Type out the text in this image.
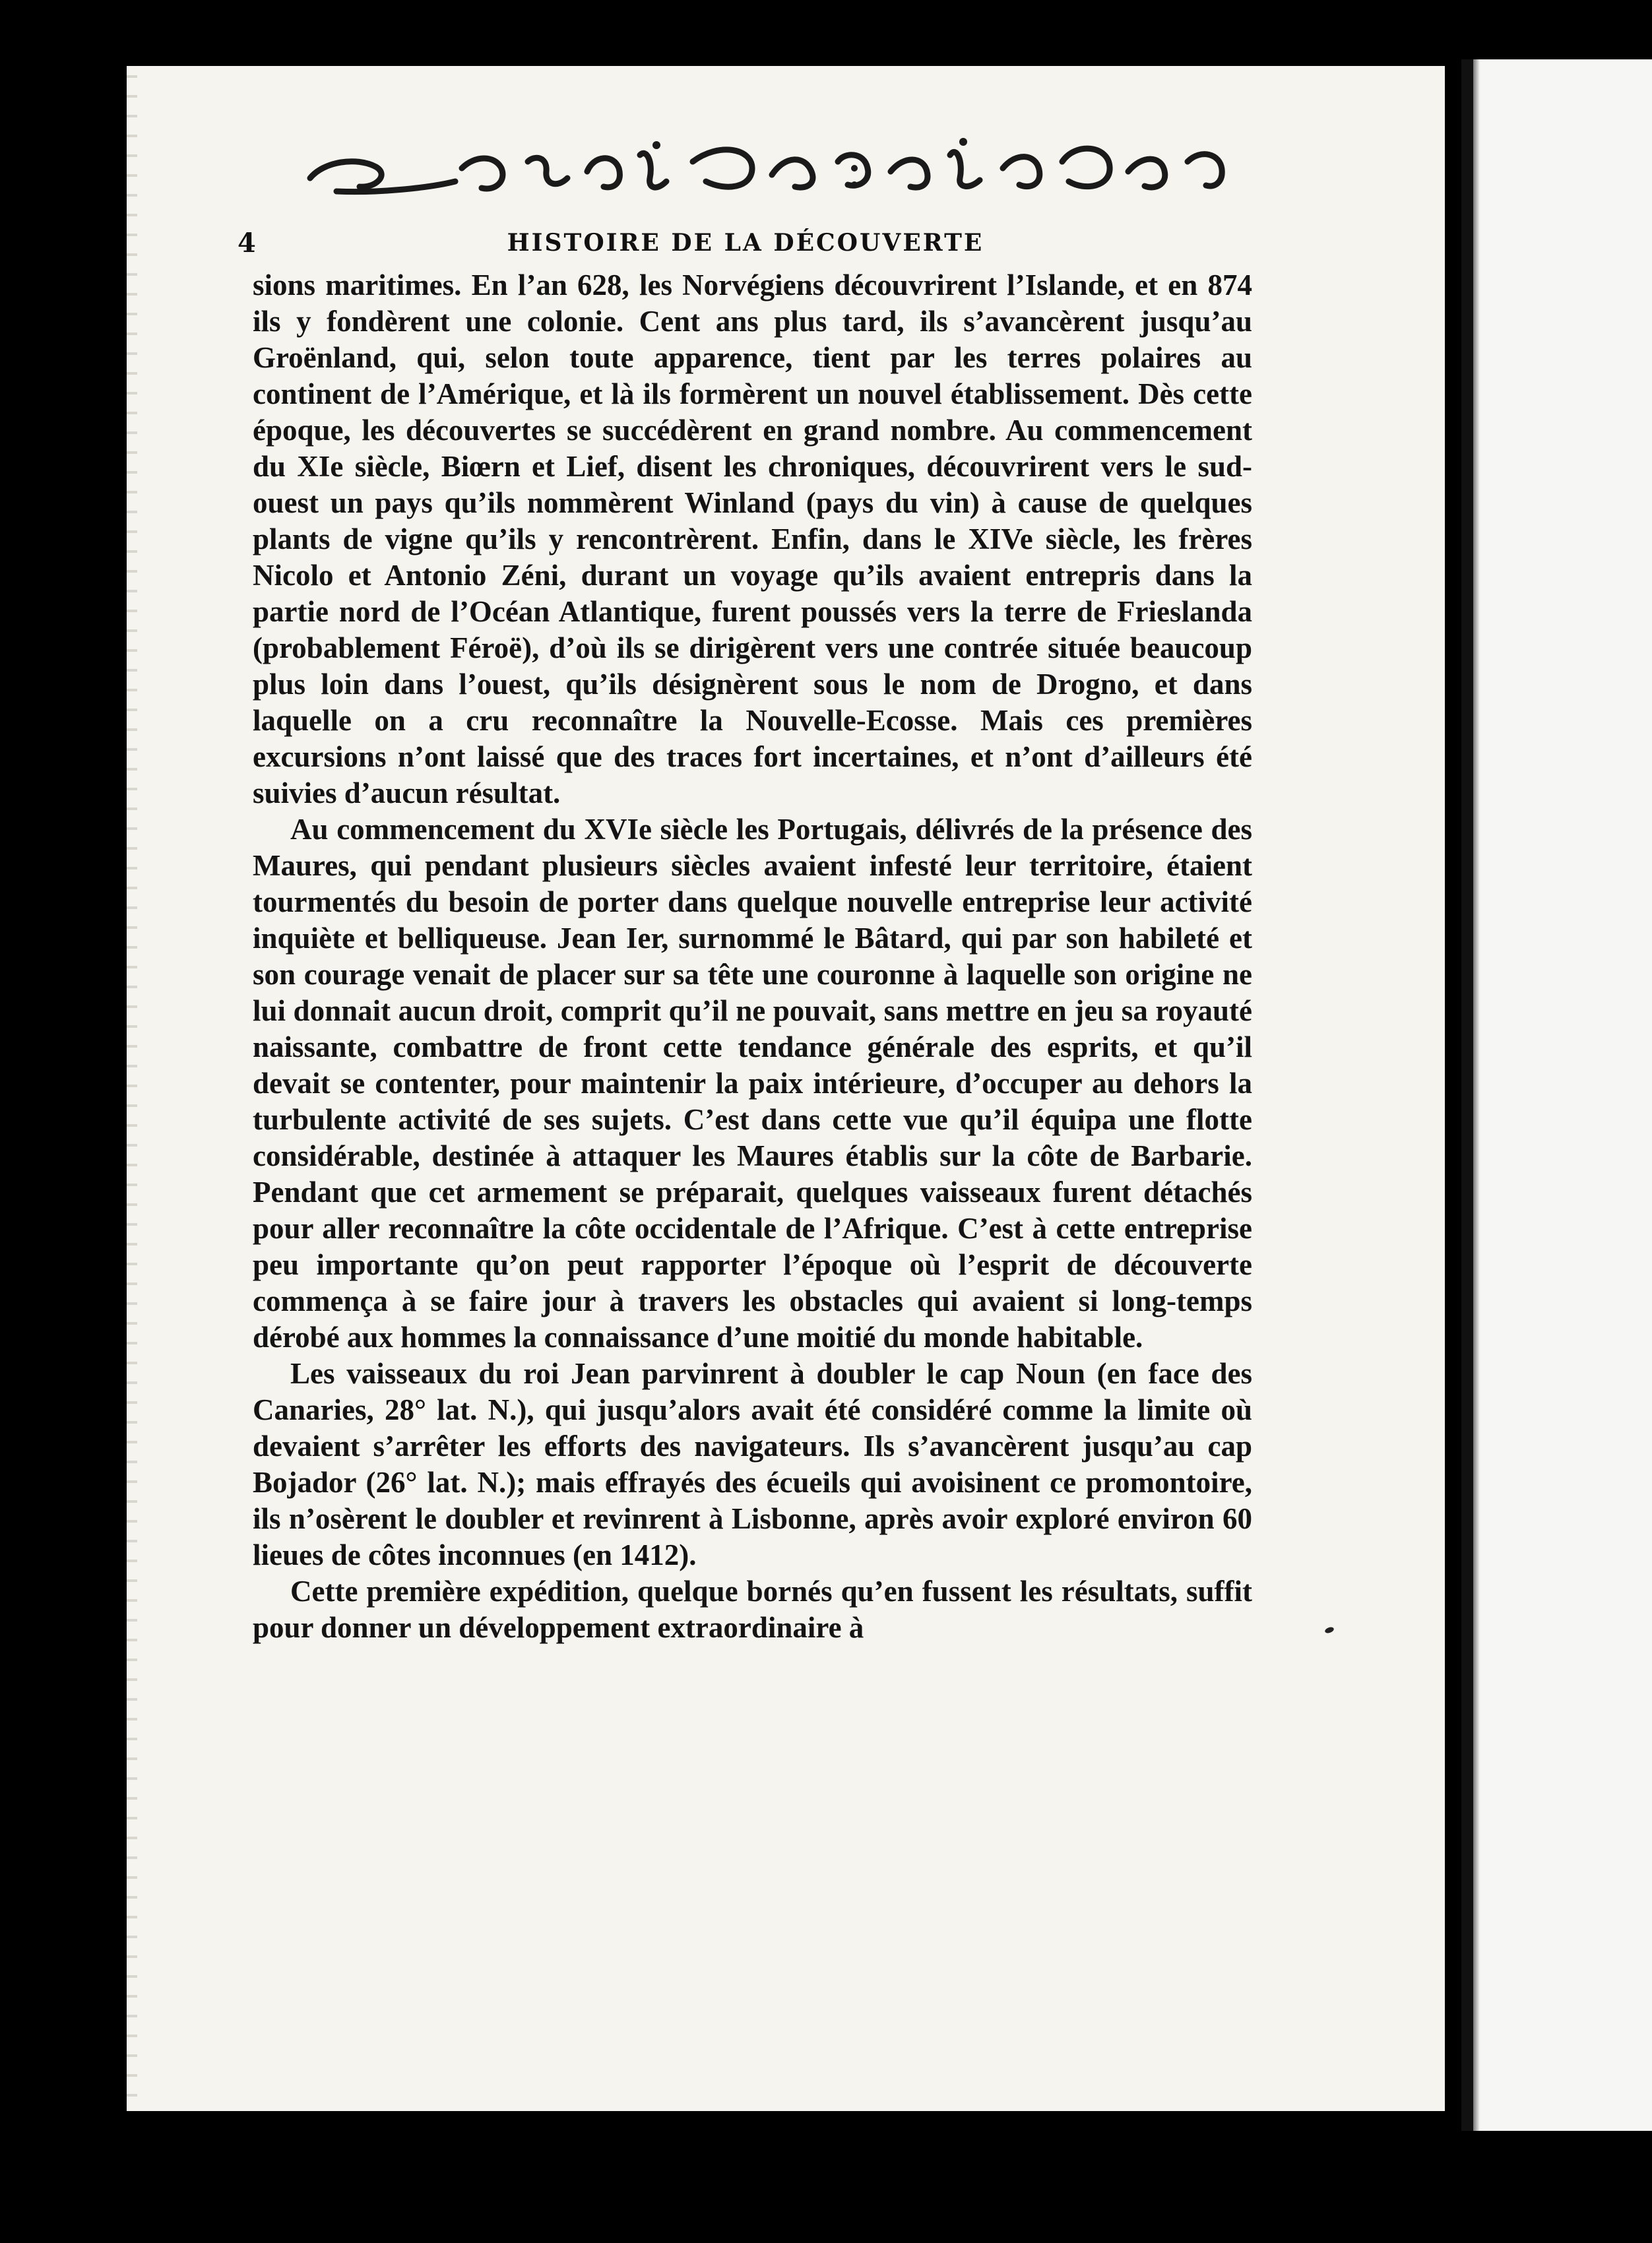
4	HISTOIRE DE LA DÉCOUVERTE

sions maritimes. En l’an 628, les Norvégiens découvrirent l’Islande, et en 874 ils y fondèrent une colonie. Cent ans plus tard, ils s’avancèrent jusqu’au Groënland, qui, selon toute apparence, tient par les terres polaires au continent de l’Amérique, et là ils formèrent un nouvel établissement. Dès cette époque, les découvertes se succédèrent en grand nombre. Au commencement du XIe siècle, Biœrn et Lief, disent les chroniques, découvrirent vers le sud-ouest un pays qu’ils nommèrent Winland (pays du vin) à cause de quelques plants de vigne qu’ils y rencontrèrent. Enfin, dans le XIVe siècle, les frères Nicolo et Antonio Zéni, durant un voyage qu’ils avaient entrepris dans la partie nord de l’Océan Atlantique, furent poussés vers la terre de Frieslanda (probablement Féroë), d’où ils se dirigèrent vers une contrée située beaucoup plus loin dans l’ouest, qu’ils désignèrent sous le nom de Drogno, et dans laquelle on a cru reconnaître la Nouvelle-Ecosse. Mais ces premières excursions n’ont laissé que des traces fort incertaines, et n’ont d’ailleurs été suivies d’aucun résultat.

Au commencement du XVIe siècle les Portugais, délivrés de la présence des Maures, qui pendant plusieurs siècles avaient infesté leur territoire, étaient tourmentés du besoin de porter dans quelque nouvelle entreprise leur activité inquiète et belliqueuse. Jean Ier, surnommé le Bâtard, qui par son habileté et son courage venait de placer sur sa tête une couronne à laquelle son origine ne lui donnait aucun droit, comprit qu’il ne pouvait, sans mettre en jeu sa royauté naissante, combattre de front cette tendance générale des esprits, et qu’il devait se contenter, pour maintenir la paix intérieure, d’occuper au dehors la turbulente activité de ses sujets. C’est dans cette vue qu’il équipa une flotte considérable, destinée à attaquer les Maures établis sur la côte de Barbarie. Pendant que cet armement se préparait, quelques vaisseaux furent détachés pour aller reconnaître la côte occidentale de l’Afrique. C’est à cette entreprise peu importante qu’on peut rapporter l’époque où l’esprit de découverte commença à se faire jour à travers les obstacles qui avaient si long-temps dérobé aux hommes la connaissance d’une moitié du monde habitable.

Les vaisseaux du roi Jean parvinrent à doubler le cap Noun (en face des Canaries, 28° lat. N.), qui jusqu’alors avait été considéré comme la limite où devaient s’arrêter les efforts des navigateurs. Ils s’avancèrent jusqu’au cap Bojador (26° lat. N.); mais effrayés des écueils qui avoisinent ce promontoire, ils n’osèrent le doubler et revinrent à Lisbonne, après avoir exploré environ 60 lieues de côtes inconnues (en 1412).

Cette première expédition, quelque bornés qu’en fussent les résultats, suffit pour donner un développement extraordinaire à
